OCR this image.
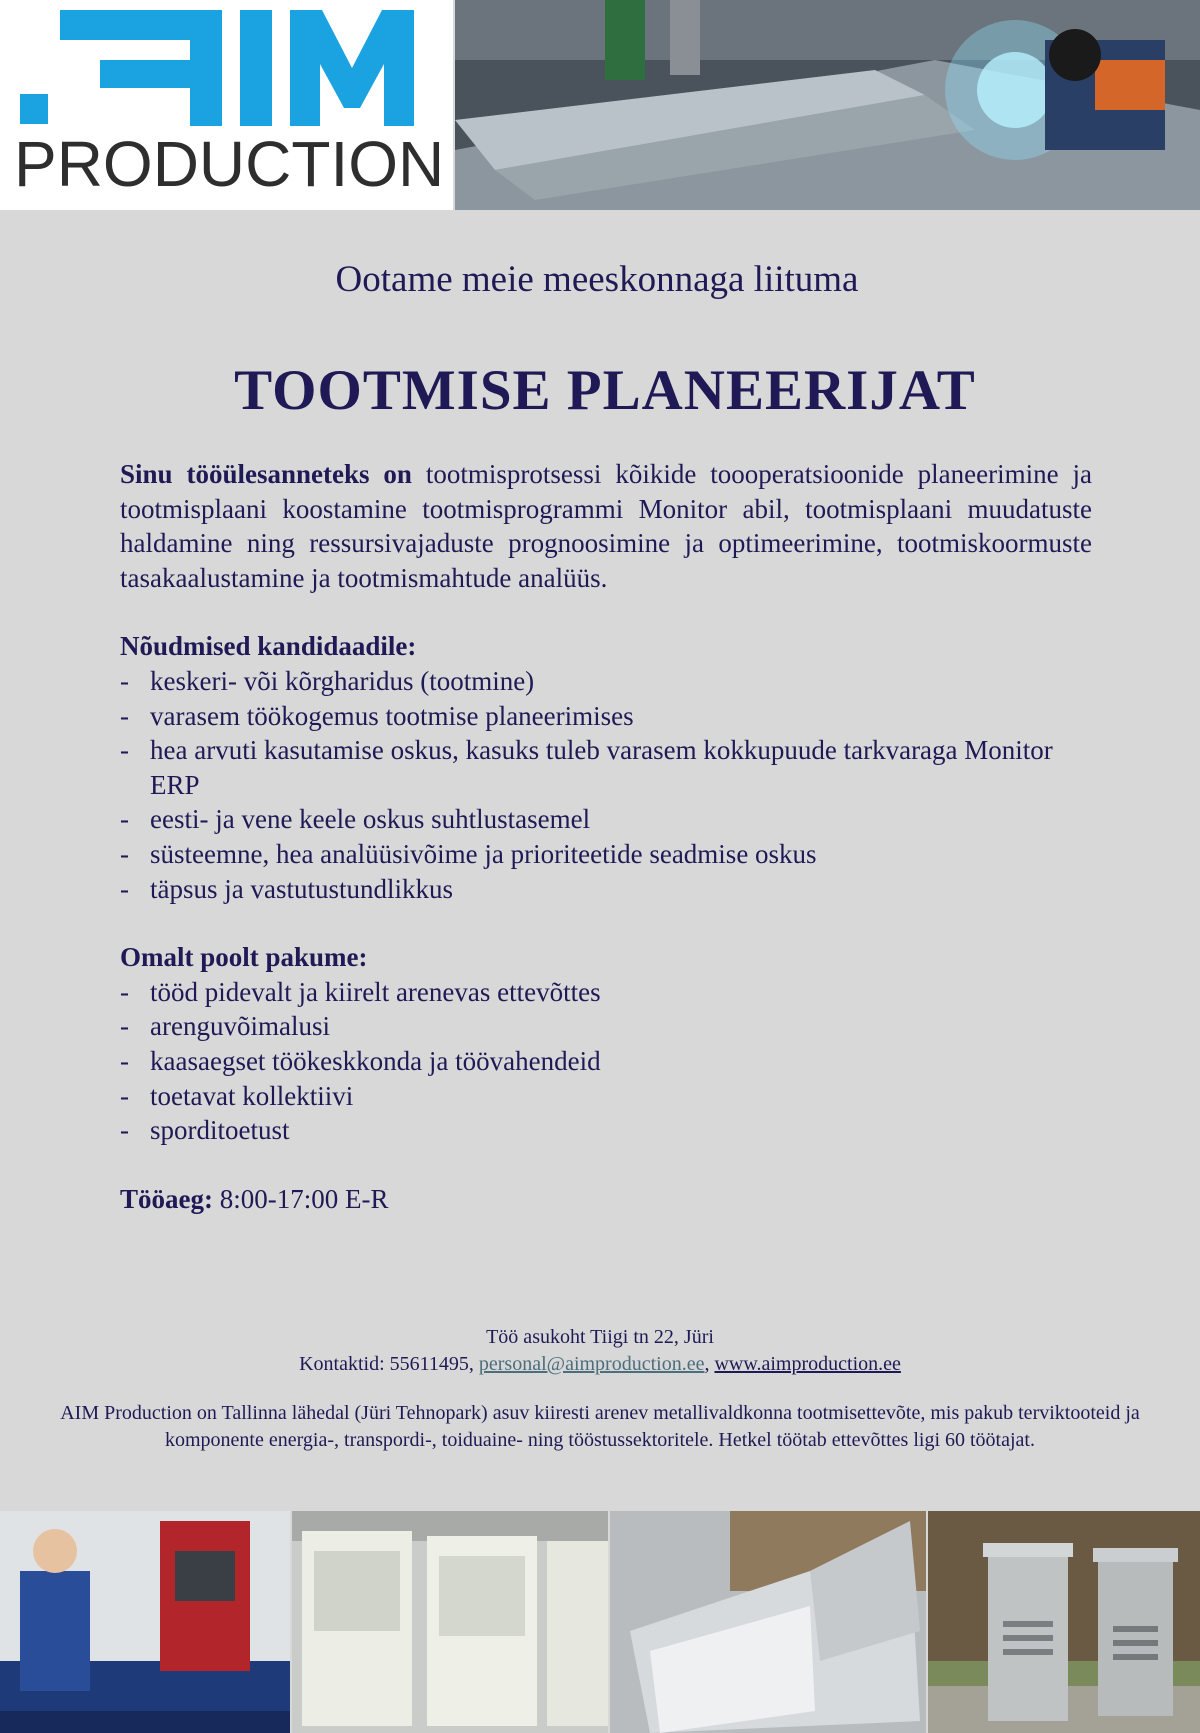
PRODUCTION
Ootame meie meeskonnaga liituma
TOOTMISE PLANEERIJAT
Sinu tööülesanneteks on tootmisprotsessi kõikide toooperatsioonide planeerimine ja tootmisplaani koostamine tootmisprogrammi Monitor abil, tootmisplaani muudatuste haldamine ning ressursivajaduste prognoosimine ja optimeerimine, tootmiskoormuste tasakaalustamine ja tootmismahtude analüüs.
Nõudmised kandidaadile:
- keskeri- või kõrgharidus (tootmine)
- varasem töökogemus tootmise planeerimises
- hea arvuti kasutamise oskus, kasuks tuleb varasem kokkupuude tarkvaraga Monitor ERP
- eesti- ja vene keele oskus suhtlustasemel
- süsteemne, hea analüüsivõime ja prioriteetide seadmise oskus
- täpsus ja vastutustundlikkus
Omalt poolt pakume:
- tööd pidevalt ja kiirelt arenevas ettevõttes
- arenguvõimalusi
- kaasaegset töökeskkonda ja töövahendeid
- toetavat kollektiivi
- sporditoetust
Tööaeg: 8:00-17:00 E-R
Töö asukoht Tiigi tn 22, Jüri
Kontaktid: 55611495, personal@aimproduction.ee, www.aimproduction.ee
AIM Production on Tallinna lähedal (Jüri Tehnopark) asuv kiiresti arenev metallivaldkonna tootmisettevõte, mis pakub terviktooteid ja komponente energia-, transpordi-, toiduaine- ning tööstussektoritele. Hetkel töötab ettevõttes ligi 60 töötajat.
